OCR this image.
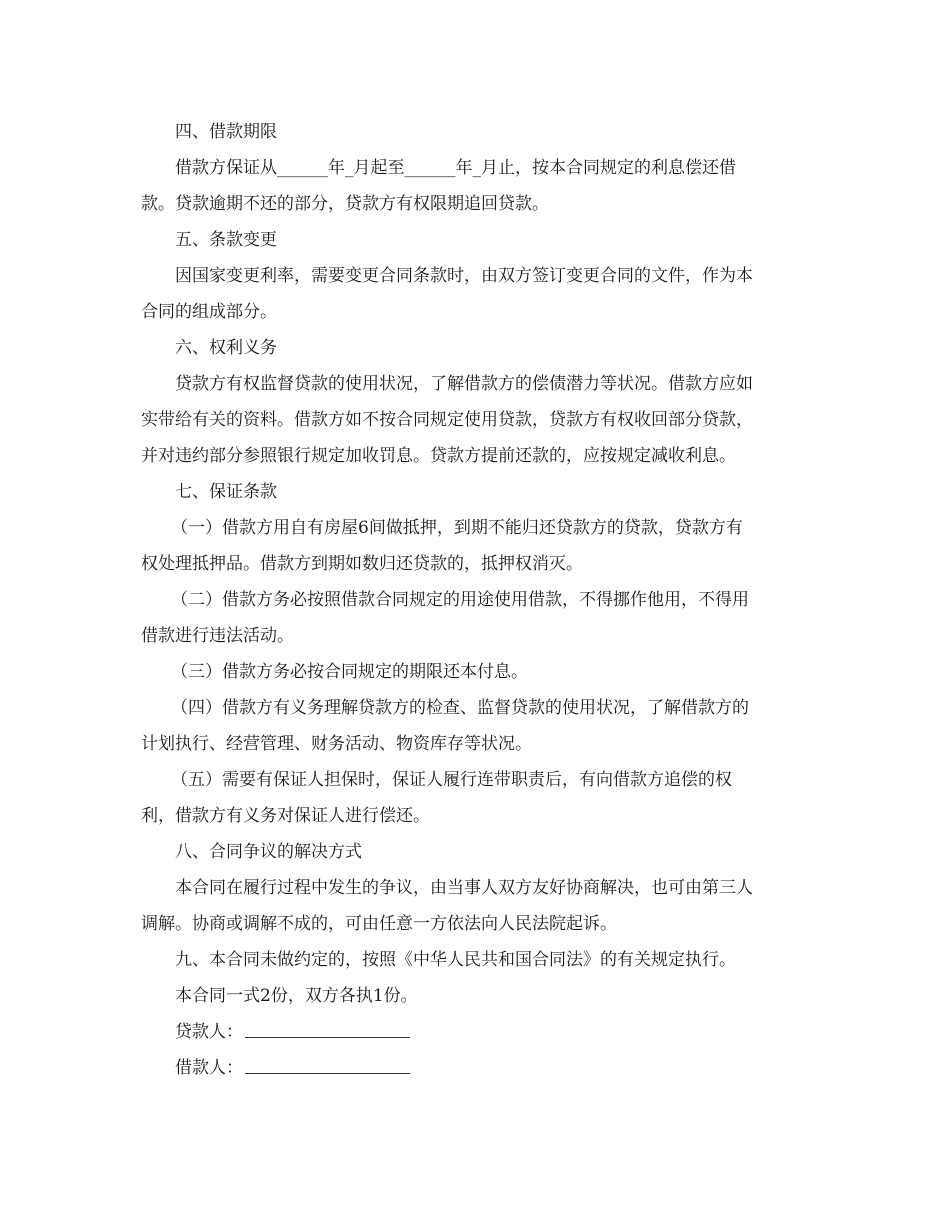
四、借款期限
借款方保证从______年_月起至______年_月止，按本合同规定的利息偿还借
款。贷款逾期不还的部分，贷款方有权限期追回贷款。
五、条款变更
因国家变更利率，需要变更合同条款时，由双方签订变更合同的文件，作为本
合同的组成部分。
六、权利义务
贷款方有权监督贷款的使用状况，了解借款方的偿债潜力等状况。借款方应如
实带给有关的资料。借款方如不按合同规定使用贷款，贷款方有权收回部分贷款，
并对违约部分参照银行规定加收罚息。贷款方提前还款的，应按规定减收利息。
七、保证条款
（一）借款方用自有房屋6间做抵押，到期不能归还贷款方的贷款，贷款方有
权处理抵押品。借款方到期如数归还贷款的，抵押权消灭。
（二）借款方务必按照借款合同规定的用途使用借款，不得挪作他用，不得用
借款进行违法活动。
（三）借款方务必按合同规定的期限还本付息。
（四）借款方有义务理解贷款方的检查、监督贷款的使用状况，了解借款方的
计划执行、经营管理、财务活动、物资库存等状况。
（五）需要有保证人担保时，保证人履行连带职责后，有向借款方追偿的权
利，借款方有义务对保证人进行偿还。
八、合同争议的解决方式
本合同在履行过程中发生的争议，由当事人双方友好协商解决，也可由第三人
调解。协商或调解不成的，可由任意一方依法向人民法院起诉。
九、本合同未做约定的，按照《中华人民共和国合同法》的有关规定执行。
本合同一式2份，双方各执1份。
贷款人：
借款人：
